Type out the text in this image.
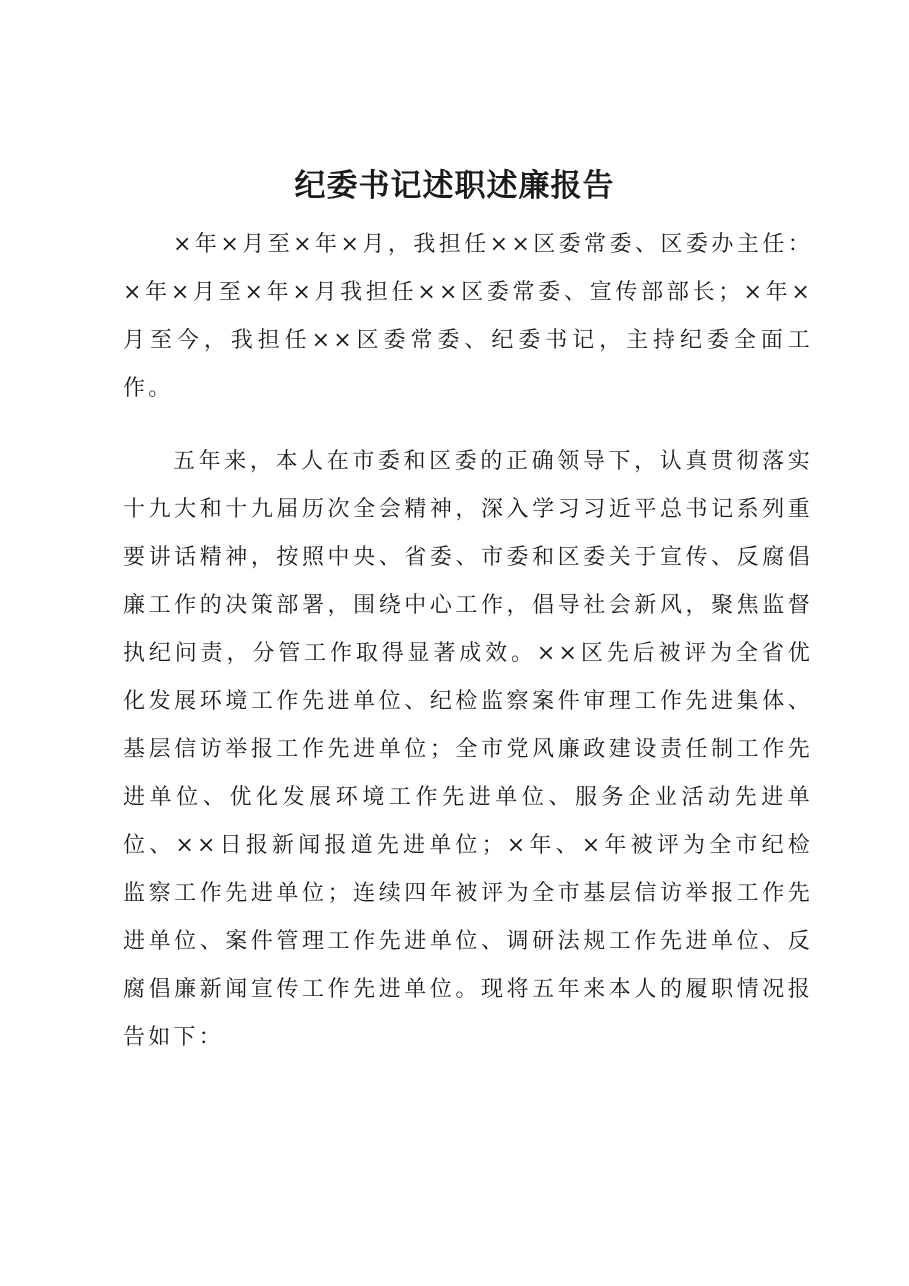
纪委书记述职述廉报告

×年×月至×年×月，我担任××区委常委、区委办主任：×年×月至×年×月我担任××区委常委、宣传部部长；×年×月至今，我担任××区委常委、纪委书记，主持纪委全面工作。

五年来，本人在市委和区委的正确领导下，认真贯彻落实十九大和十九届历次全会精神，深入学习习近平总书记系列重要讲话精神，按照中央、省委、市委和区委关于宣传、反腐倡廉工作的决策部署，围绕中心工作，倡导社会新风，聚焦监督执纪问责，分管工作取得显著成效。××区先后被评为全省优化发展环境工作先进单位、纪检监察案件审理工作先进集体、基层信访举报工作先进单位；全市党风廉政建设责任制工作先进单位、优化发展环境工作先进单位、服务企业活动先进单位、××日报新闻报道先进单位；×年、×年被评为全市纪检监察工作先进单位；连续四年被评为全市基层信访举报工作先进单位、案件管理工作先进单位、调研法规工作先进单位、反腐倡廉新闻宣传工作先进单位。现将五年来本人的履职情况报告如下：
